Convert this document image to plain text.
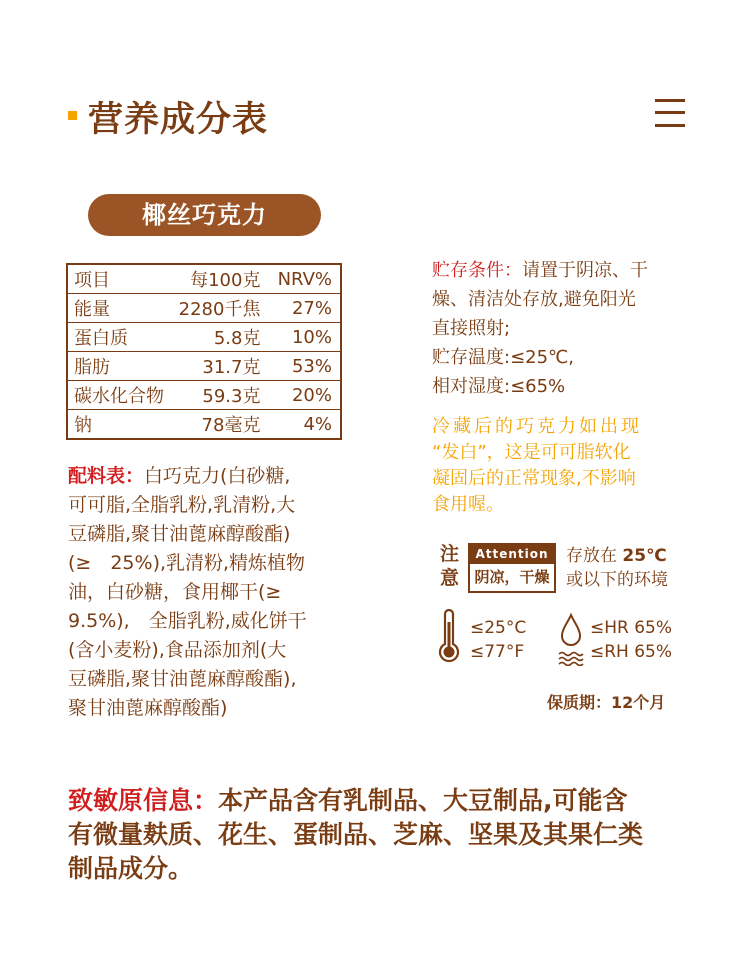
营养成分表
椰丝巧克力
项目	每100克	NRV%
能量	2280千焦	27%
蛋白质	5.8克	10%
脂肪	31.7克	53%
碳水化合物	59.3克	20%
钠	78毫克	4%
配料表：白巧克力(白砂糖,
可可脂,全脂乳粉,乳清粉,大
豆磷脂,聚甘油蓖麻醇酸酯)
(≥　25%),乳清粉,精炼植物
油，白砂糖，食用椰干(≥
9.5%),　全脂乳粉,威化饼干
(含小麦粉),食品添加剂(大
豆磷脂,聚甘油蓖麻醇酸酯),
聚甘油蓖麻醇酸酯)
贮存条件：请置于阴凉、干
燥、清洁处存放,避免阳光
直接照射;
贮存温度:≤25℃,
相对湿度:≤65%
冷藏后的巧克力如出现
“发白”，这是可可脂软化
凝固后的正常现象,不影响
食用喔。
注
意
Attention
阴凉，干燥
存放在 25℃
或以下的环境
≤25°C
≤77°F
≤HR 65%
≤RH 65%
保质期：12个月
致敏原信息：本产品含有乳制品、大豆制品,可能含
有微量麸质、花生、蛋制品、芝麻、坚果及其果仁类
制品成分。
